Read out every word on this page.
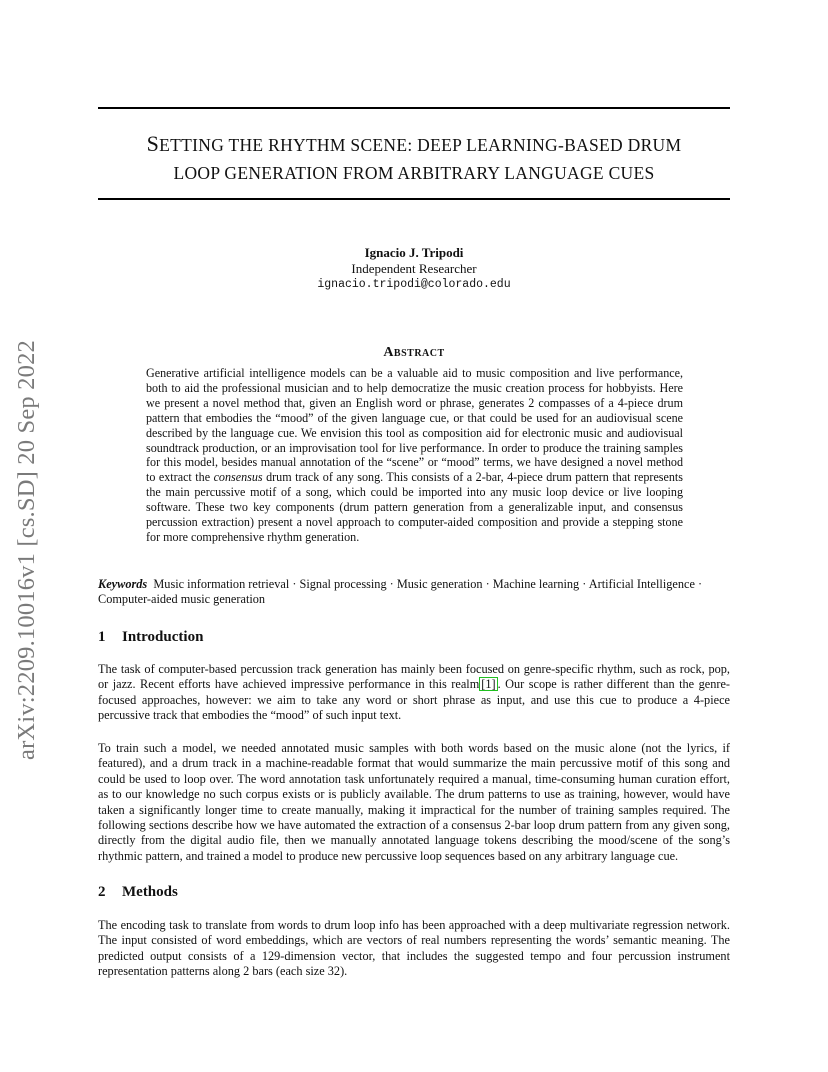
arXiv:2209.10016v1 [cs.SD] 20 Sep 2022
SETTING THE RHYTHM SCENE: DEEP LEARNING-BASED DRUM
LOOP GENERATION FROM ARBITRARY LANGUAGE CUES
Ignacio J. Tripodi
Independent Researcher
ignacio.tripodi@colorado.edu
Abstract

Generative artificial intelligence models can be a valuable aid to music composition and live performance, both to aid the professional musician and to help democratize the music creation process for hobbyists. Here we present a novel method that, given an English word or phrase, generates 2 compasses of a 4-piece drum pattern that embodies the “mood” of the given language cue, or that could be used for an audiovisual scene described by the language cue. We envision this tool as composition aid for electronic music and audiovisual soundtrack production, or an improvisation tool for live performance. In order to produce the training samples for this model, besides manual annotation of the “scene” or “mood” terms, we have designed a novel method to extract the consensus drum track of any song. This consists of a 2-bar, 4-piece drum pattern that represents the main percussive motif of a song, which could be imported into any music loop device or live looping software. These two key components (drum pattern generation from a generalizable input, and consensus percussion extraction) present a novel approach to computer-aided composition and provide a stepping stone for more comprehensive rhythm generation.

Keywords Music information retrieval · Signal processing · Music generation · Machine learning · Artificial Intelligence · Computer-aided music generation

1 Introduction

The task of computer-based percussion track generation has mainly been focused on genre-specific rhythm, such as rock, pop, or jazz. Recent efforts have achieved impressive performance in this realm [1] . Our scope is rather different than the genre-focused approaches, however: we aim to take any word or short phrase as input, and use this cue to produce a 4-piece percussive track that embodies the “mood” of such input text.

To train such a model, we needed annotated music samples with both words based on the music alone (not the lyrics, if featured), and a drum track in a machine-readable format that would summarize the main percussive motif of this song and could be used to loop over. The word annotation task unfortunately required a manual, time-consuming human curation effort, as to our knowledge no such corpus exists or is publicly available. The drum patterns to use as training, however, would have taken a significantly longer time to create manually, making it impractical for the number of training samples required. The following sections describe how we have automated the extraction of a consensus 2-bar loop drum pattern from any given song, directly from the digital audio file, then we manually annotated language tokens describing the mood/scene of the song’s rhythmic pattern, and trained a model to produce new percussive loop sequences based on any arbitrary language cue.

2 Methods

The encoding task to translate from words to drum loop info has been approached with a deep multivariate regression network. The input consisted of word embeddings, which are vectors of real numbers representing the words’ semantic meaning. The predicted output consists of a 129-dimension vector, that includes the suggested tempo and four percussion instrument representation patterns along 2 bars (each size 32).
